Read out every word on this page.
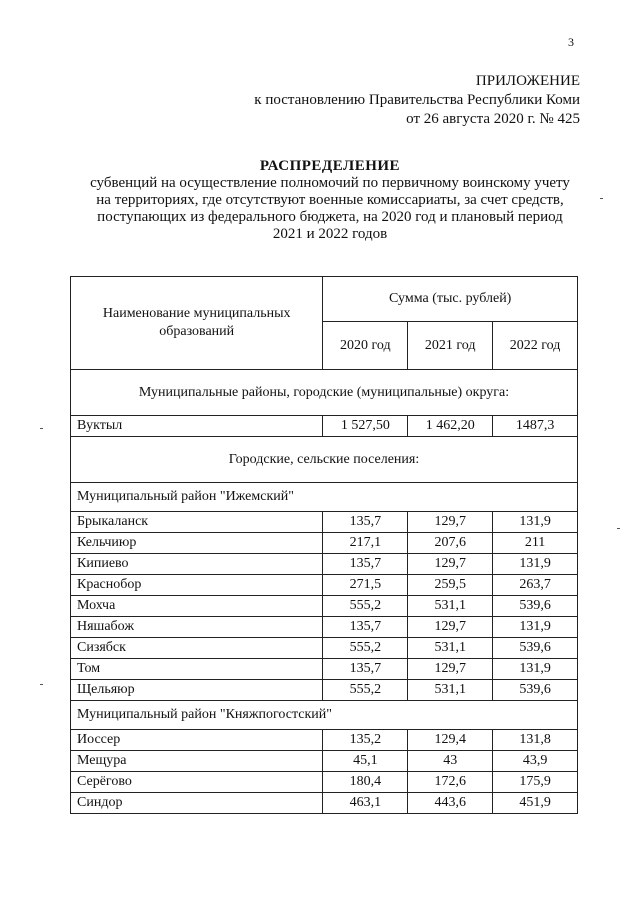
3
ПРИЛОЖЕНИЕ
к постановлению Правительства Республики Коми
от 26 августа 2020 г. № 425
РАСПРЕДЕЛЕНИЕ
субвенций на осуществление полномочий по первичному воинскому учету
на территориях, где отсутствуют военные комиссариаты, за счет средств,
поступающих из федерального бюджета, на 2020 год и плановый период
2021 и 2022 годов
Наименование муниципальных образований	Сумма (тыс. рублей)		
	2020 год	2021 год	2022 год
Муниципальные районы, городские (муниципальные) округа:			
Вуктыл	1 527,50	1 462,20	1487,3
Городские, сельские поселения:			
Муниципальный район "Ижемский"			
Брыкаланск	135,7	129,7	131,9
Кельчиюр	217,1	207,6	211
Кипиево	135,7	129,7	131,9
Краснобор	271,5	259,5	263,7
Мохча	555,2	531,1	539,6
Няшабож	135,7	129,7	131,9
Сизябск	555,2	531,1	539,6
Том	135,7	129,7	131,9
Щельяюр	555,2	531,1	539,6
Муниципальный район "Княжпогостский"			
Иоссер	135,2	129,4	131,8
Мещура	45,1	43	43,9
Серёгово	180,4	172,6	175,9
Синдор	463,1	443,6	451,9
